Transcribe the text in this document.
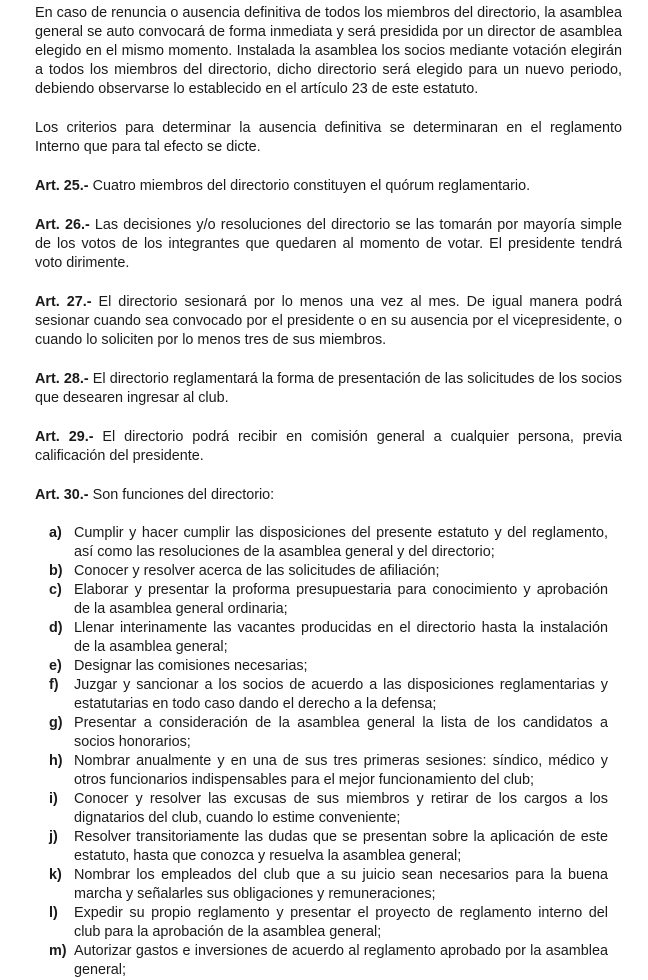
En caso de renuncia o ausencia definitiva de todos los miembros del directorio, la asamblea general se auto convocará de forma inmediata y será presidida por un director de asamblea elegido en el mismo momento. Instalada la asamblea los socios mediante votación elegirán a todos los miembros del directorio, dicho directorio será elegido para un nuevo periodo, debiendo observarse lo establecido en el artículo 23 de este estatuto.

Los criterios para determinar la ausencia definitiva se determinaran en el reglamento Interno que para tal efecto se dicte.

Art. 25.- Cuatro miembros del directorio constituyen el quórum reglamentario.

Art. 26.- Las decisiones y/o resoluciones del directorio se las tomarán por mayoría simple de los votos de los integrantes que quedaren al momento de votar. El presidente tendrá voto dirimente.

Art. 27.- El directorio sesionará por lo menos una vez al mes. De igual manera podrá sesionar cuando sea convocado por el presidente o en su ausencia por el vicepresidente, o cuando lo soliciten por lo menos tres de sus miembros.

Art. 28.- El directorio reglamentará la forma de presentación de las solicitudes de los socios que desearen ingresar al club.

Art. 29.- El directorio podrá recibir en comisión general a cualquier persona, previa calificación del presidente.

Art. 30.- Son funciones del directorio:

a) Cumplir y hacer cumplir las disposiciones del presente estatuto y del reglamento, así como las resoluciones de la asamblea general y del directorio;
b) Conocer y resolver acerca de las solicitudes de afiliación;
c) Elaborar y presentar la proforma presupuestaria para conocimiento y aprobación de la asamblea general ordinaria;
d) Llenar interinamente las vacantes producidas en el directorio hasta la instalación de la asamblea general;
e) Designar las comisiones necesarias;
f)	Juzgar y sancionar a los socios de acuerdo a las disposiciones reglamentarias y estatutarias en todo caso dando el derecho a la defensa;
g) Presentar a consideración de la asamblea general la lista de los candidatos a socios honorarios;
h) Nombrar anualmente y en una de sus tres primeras sesiones: síndico, médico y otros funcionarios indispensables para el mejor funcionamiento del club;
i)	Conocer y resolver las excusas de sus miembros y retirar de los cargos a los dignatarios del club, cuando lo estime conveniente;
j)	Resolver transitoriamente las dudas que se presentan sobre la aplicación de este estatuto, hasta que conozca y resuelva la asamblea general;
k) Nombrar los empleados del club que a su juicio sean necesarios para la buena marcha y señalarles sus obligaciones y remuneraciones;
l)	Expedir su propio reglamento y presentar el proyecto de reglamento interno del club para la aprobación de la asamblea general;
m) Autorizar gastos e inversiones de acuerdo al reglamento aprobado por la asamblea general;
